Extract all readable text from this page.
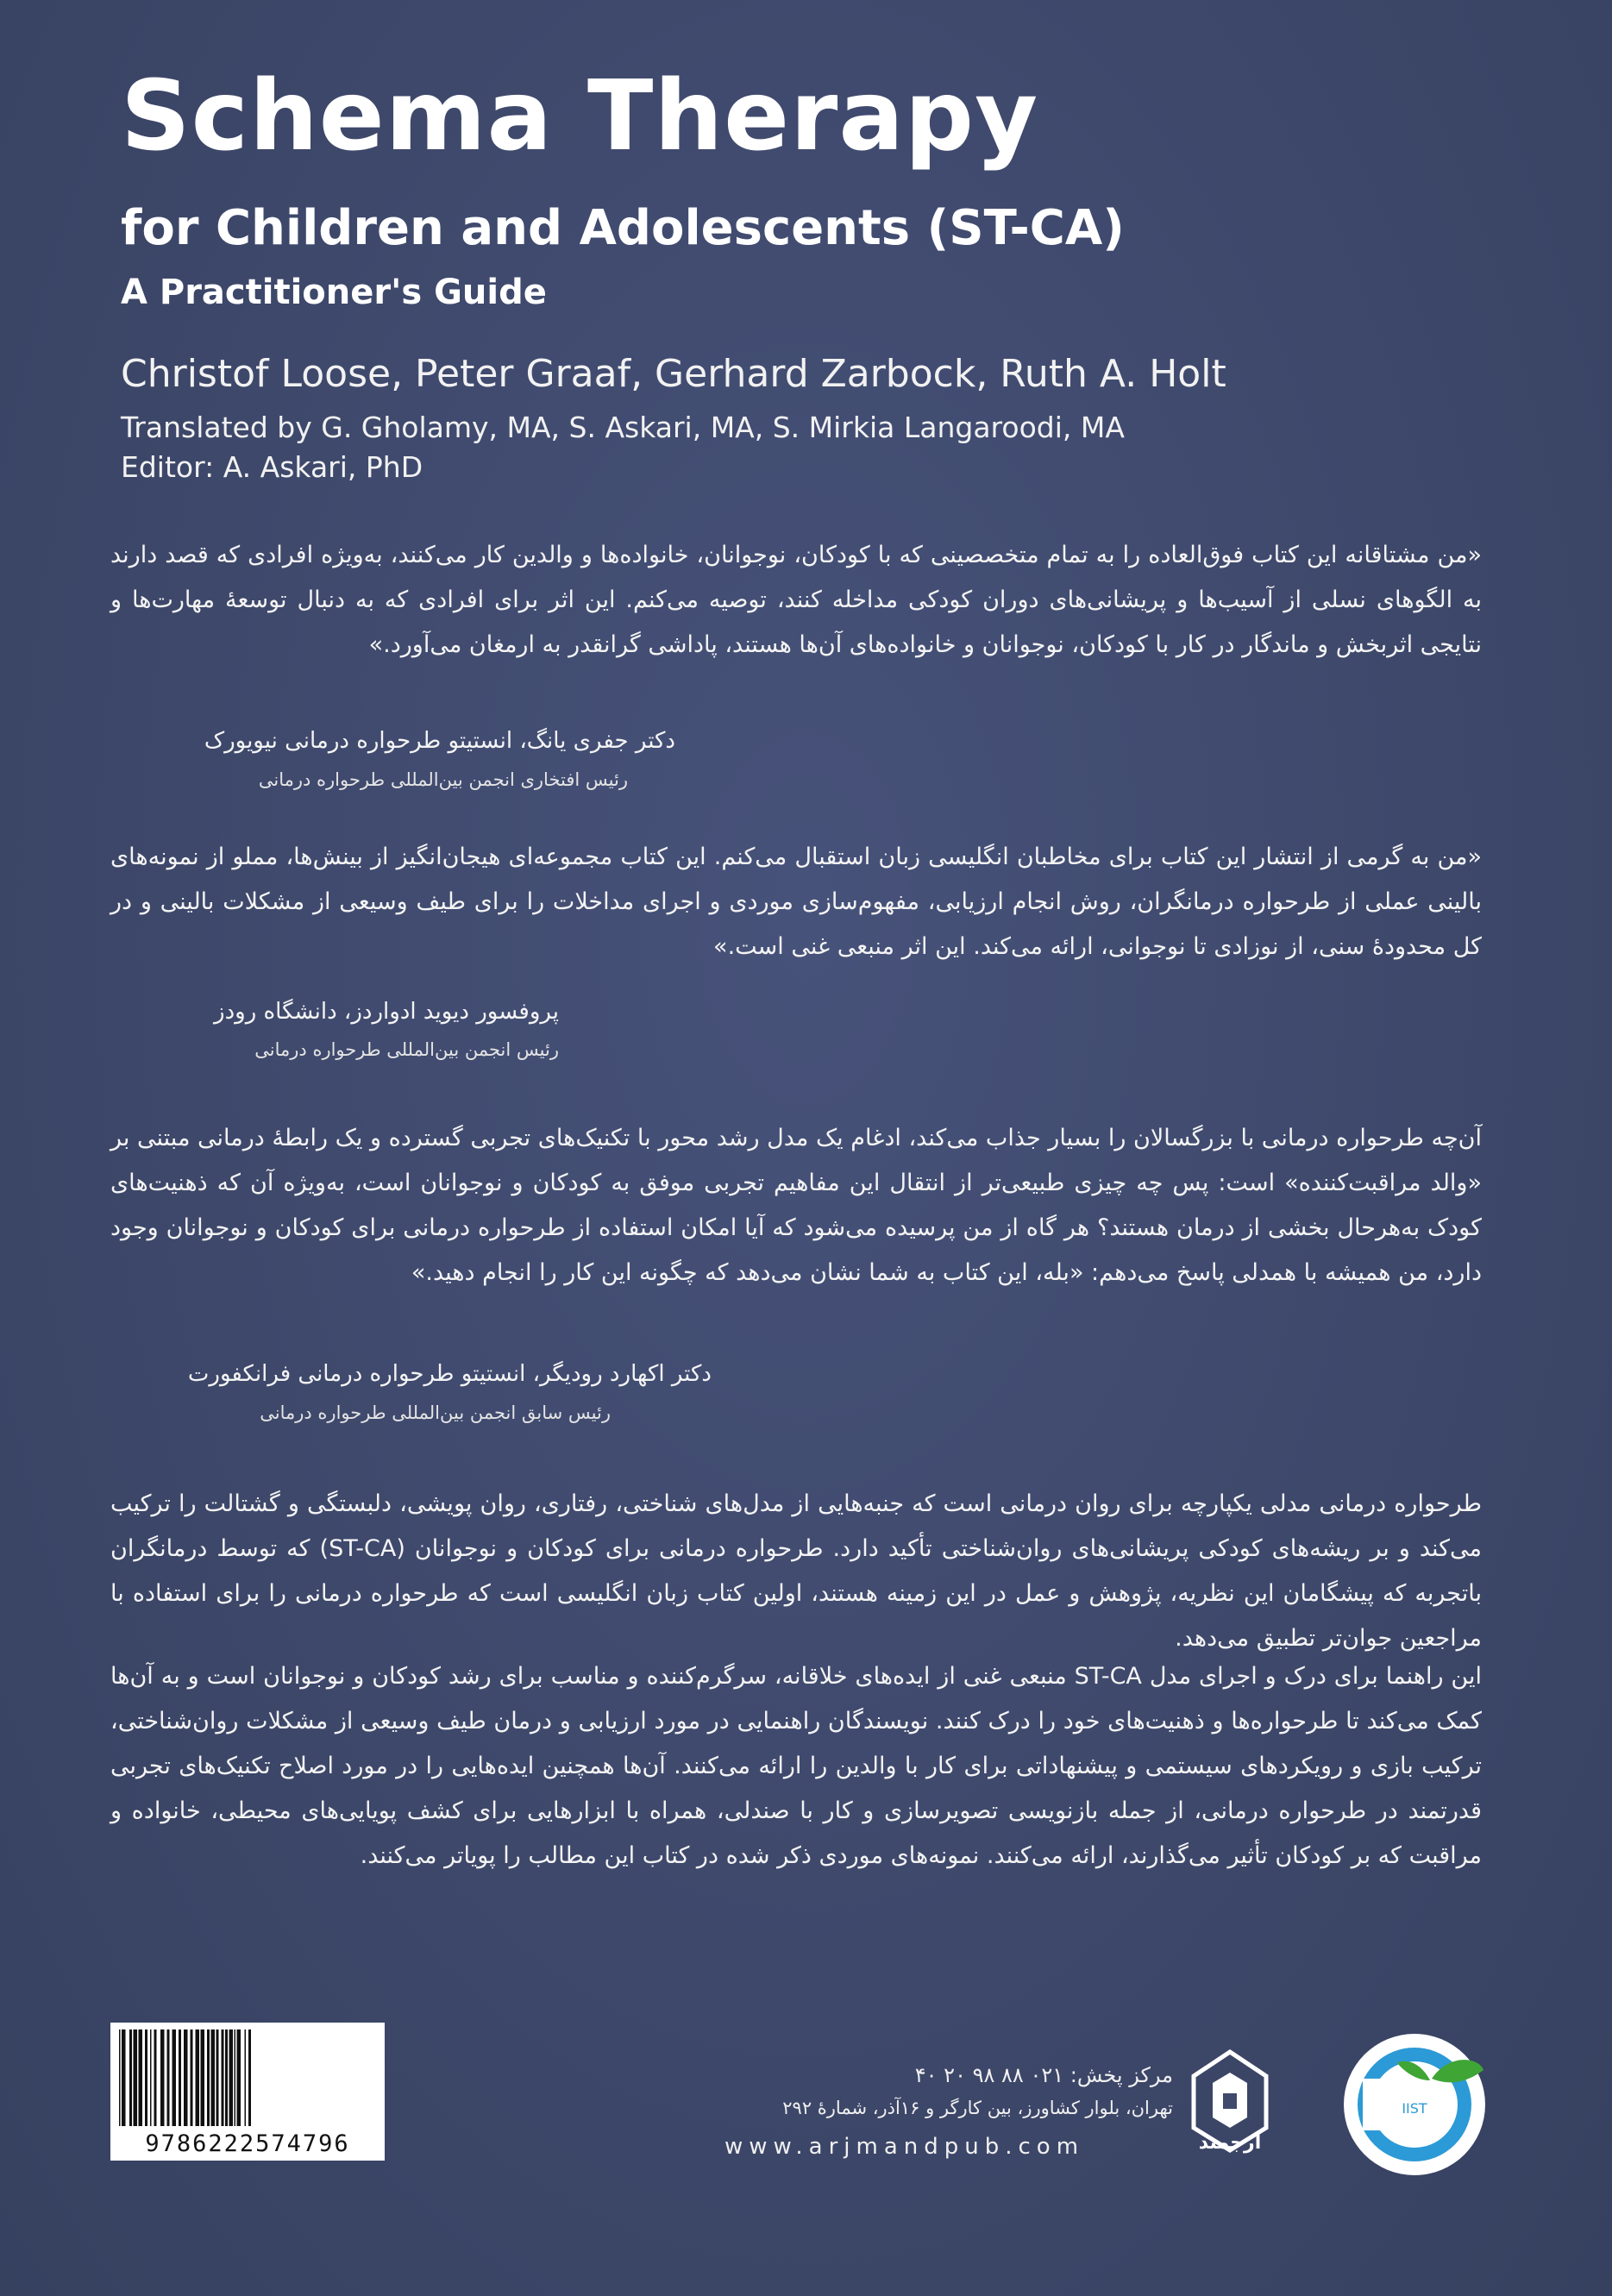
Schema Therapy
for Children and Adolescents (ST-CA)
A Practitioner's Guide
Christof Loose, Peter Graaf, Gerhard Zarbock, Ruth A. Holt
Translated by G. Gholamy, MA, S. Askari, MA, S. Mirkia Langaroodi, MA
Editor: A. Askari, PhD
«من مشتاقانه این کتاب فوق‌العاده را به تمام متخصصینی که با کودکان، نوجوانان، خانواده‌ها و والدین کار می‌کنند، به‌ویژه افرادی که قصد دارند به الگوهای نسلی از آسیب‌ها و پریشانی‌های دوران کودکی مداخله کنند، توصیه می‌کنم. این اثر برای افرادی که به دنبال توسعهٔ مهارت‌ها و نتایجی اثربخش و ماندگار در کار با کودکان، نوجوانان و خانواده‌های آن‌ها هستند، پاداشی گرانقدر به ارمغان می‌آورد.»
دکتر جفری یانگ، انستیتو طرحواره درمانی نیویورک
رئیس افتخاری انجمن بین‌المللی طرحواره درمانی
«من به گرمی از انتشار این کتاب برای مخاطبان انگلیسی زبان استقبال می‌کنم. این کتاب مجموعه‌ای هیجان‌انگیز از بینش‌ها، مملو از نمونه‌های بالینی عملی از طرحواره درمانگران، روش انجام ارزیابی، مفهوم‌سازی موردی و اجرای مداخلات را برای طیف وسیعی از مشکلات بالینی و در کل محدودهٔ سنی، از نوزادی تا نوجوانی، ارائه می‌کند. این اثر منبعی غنی است.»
پروفسور دیوید ادواردز، دانشگاه رودز
رئیس انجمن بین‌المللی طرحواره درمانی
آن‌چه طرحواره درمانی با بزرگسالان را بسیار جذاب می‌کند، ادغام یک مدل رشد محور با تکنیک‌های تجربی گسترده و یک رابطهٔ درمانی مبتنی بر «والد مراقبت‌کننده» است: پس چه چیزی طبیعی‌تر از انتقال این مفاهیم تجربی موفق به کودکان و نوجوانان است، به‌ویژه آن که ذهنیت‌های کودک به‌هرحال بخشی از درمان هستند؟ هر گاه از من پرسیده می‌شود که آیا امکان استفاده از طرحواره درمانی برای کودکان و نوجوانان وجود دارد، من همیشه با همدلی پاسخ می‌دهم: «بله، این کتاب به شما نشان می‌دهد که چگونه این کار را انجام دهید.»
دکتر اکهارد رودیگر، انستیتو طرحواره درمانی فرانکفورت
رئیس سابق انجمن بین‌المللی طرحواره درمانی
طرحواره درمانی مدلی یکپارچه برای روان درمانی است که جنبه‌هایی از مدل‌های شناختی، رفتاری، روان پویشی، دلبستگی و گشتالت را ترکیب می‌کند و بر ریشه‌های کودکی پریشانی‌های روان‌شناختی تأکید دارد. طرحواره درمانی برای کودکان و نوجوانان (ST-CA) که توسط درمانگران باتجربه که پیشگامان این نظریه، پژوهش و عمل در این زمینه هستند، اولین کتاب زبان انگلیسی است که طرحواره درمانی را برای استفاده با مراجعین جوان‌تر تطبیق می‌دهد.
این راهنما برای درک و اجرای مدل ST-CA منبعی غنی از ایده‌های خلاقانه، سرگرم‌کننده و مناسب برای رشد کودکان و نوجوانان است و به آن‌ها کمک می‌کند تا طرحواره‌ها و ذهنیت‌های خود را درک کنند. نویسندگان راهنمایی در مورد ارزیابی و درمان طیف وسیعی از مشکلات روان‌شناختی، ترکیب بازی و رویکردهای سیستمی و پیشنهاداتی برای کار با والدین را ارائه می‌کنند. آن‌ها همچنین ایده‌هایی را در مورد اصلاح تکنیک‌های تجربی قدرتمند در طرحواره درمانی، از جمله بازنویسی تصویرسازی و کار با صندلی، همراه با ابزارهایی برای کشف پویایی‌های محیطی، خانواده و مراقبت که بر کودکان تأثیر می‌گذارند، ارائه می‌کنند. نمونه‌های موردی ذکر شده در کتاب این مطالب را پویاتر می‌کنند.
9786222574796
مرکز پخش: ۰۲۱ ۸۸ ۹۸ ۲۰ ۴۰
تهران، بلوار کشاورز، بین کارگر و ۱۶آذر، شمارهٔ ۲۹۲
www.arjmandpub.com	ارجمند
IIST
